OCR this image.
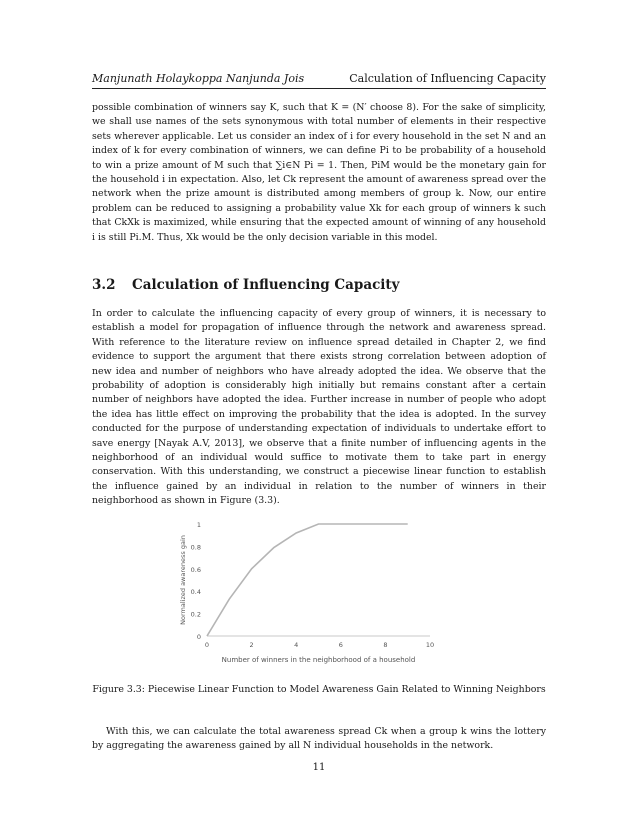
Manjunath Holaykoppa Nanjunda Jois	Calculation of Influencing Capacity

possible combination of winners say K, such that K = (N′ choose 8). For the sake of simplicity, we shall use names of the sets synonymous with total number of elements in their respective sets wherever applicable. Let us consider an index of i for every household in the set N and an index of k for every combination of winners, we can define Pi to be probability of a household to win a prize amount of M such that ∑i∈N Pi = 1. Then, PiM would be the monetary gain for the household i in expectation. Also, let Ck represent the amount of awareness spread over the network when the prize amount is distributed among members of group k. Now, our entire problem can be reduced to assigning a probability value Xk for each group of winners k such that CkXk is maximized, while ensuring that the expected amount of winning of any household i is still Pi.M. Thus, Xk would be the only decision variable in this model.

3.2 Calculation of Influencing Capacity

In order to calculate the influencing capacity of every group of winners, it is necessary to establish a model for propagation of influence through the network and awareness spread. With reference to the literature review on influence spread detailed in Chapter 2, we find evidence to support the argument that there exists strong correlation between adoption of new idea and number of neighbors who have already adopted the idea. We observe that the probability of adoption is considerably high initially but remains constant after a certain number of neighbors have adopted the idea. Further increase in number of people who adopt the idea has little effect on improving the probability that the idea is adopted. In the survey conducted for the purpose of understanding expectation of individuals to undertake effort to save energy [Nayak A.V, 2013], we observe that a finite number of influencing agents in the neighborhood of an individual would suffice to motivate them to take part in energy conservation. With this understanding, we construct a piecewise linear function to establish the influence gained by an individual in relation to the number of winners in their neighborhood as shown in Figure (3.3).

0
0.2
0.4
0.6
0.8
1
0	2	4	6	8	10
Number of winners in the neighborhood of a household
Normalized awareness gain
Figure 3.3: Piecewise Linear Function to Model Awareness Gain Related to Winning Neighbors

With this, we can calculate the total awareness spread Ck when a group k wins the lottery by aggregating the awareness gained by all N individual households in the network.

11
